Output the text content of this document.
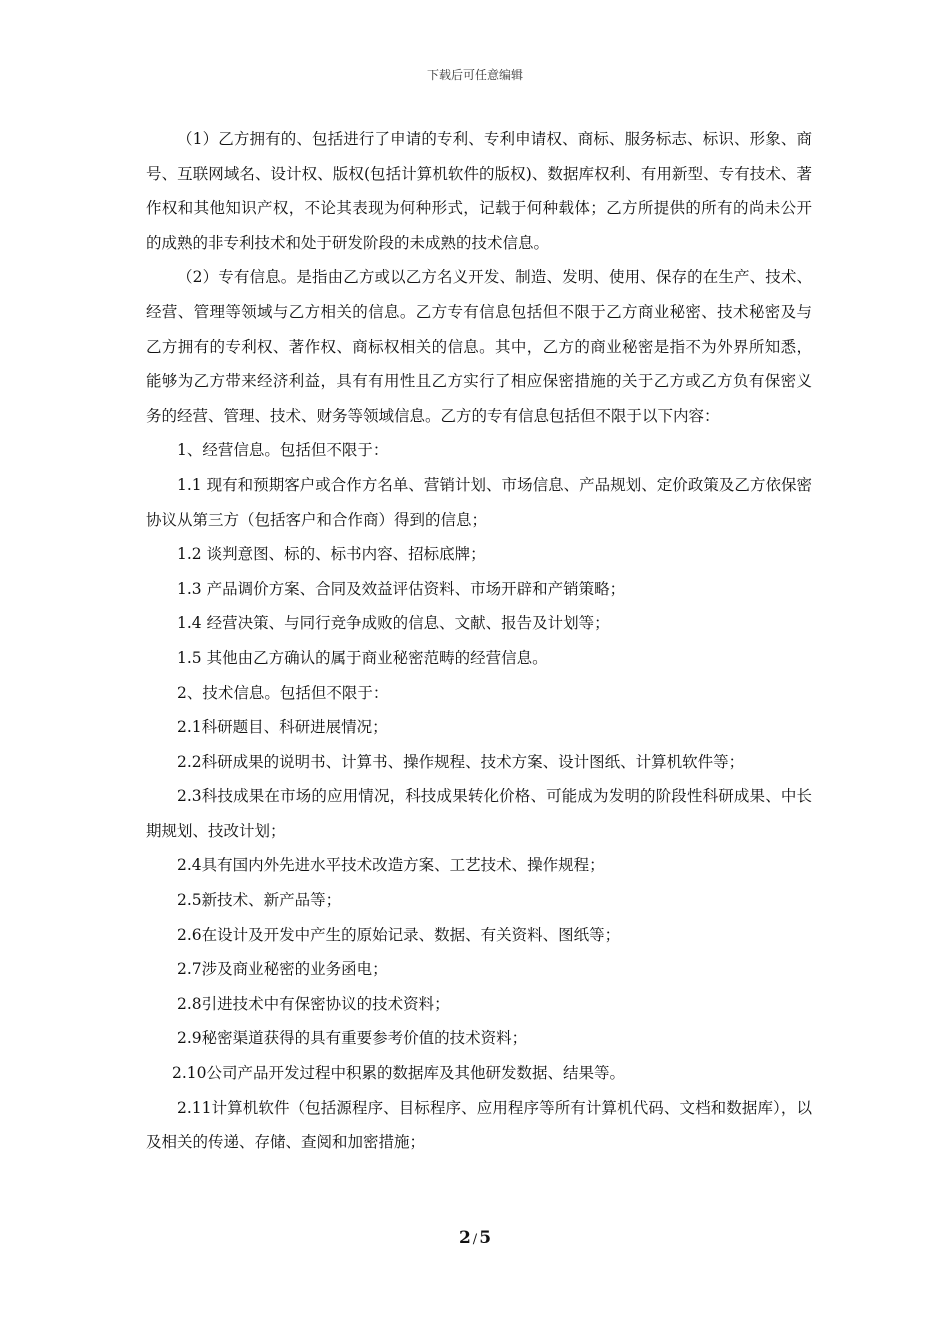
下载后可任意编辑

（1）乙方拥有的、包括进行了申请的专利、专利申请权、商标、服务标志、标识、形象、商号、互联网域名、设计权、版权(包括计算机软件的版权)、数据库权利、有用新型、专有技术、著作权和其他知识产权，不论其表现为何种形式，记载于何种载体；乙方所提供的所有的尚未公开的成熟的非专利技术和处于研发阶段的未成熟的技术信息。

（2）专有信息。是指由乙方或以乙方名义开发、制造、发明、使用、保存的在生产、技术、经营、管理等领域与乙方相关的信息。乙方专有信息包括但不限于乙方商业秘密、技术秘密及与乙方拥有的专利权、著作权、商标权相关的信息。其中，乙方的商业秘密是指不为外界所知悉，能够为乙方带来经济利益，具有有用性且乙方实行了相应保密措施的关于乙方或乙方负有保密义务的经营、管理、技术、财务等领域信息。乙方的专有信息包括但不限于以下内容：

1、经营信息。包括但不限于：

1.1 现有和预期客户或合作方名单、营销计划、市场信息、产品规划、定价政策及乙方依保密协议从第三方（包括客户和合作商）得到的信息；

1.2 谈判意图、标的、标书内容、招标底牌；

1.3 产品调价方案、合同及效益评估资料、市场开辟和产销策略；

1.4 经营决策、与同行竞争成败的信息、文献、报告及计划等；

1.5 其他由乙方确认的属于商业秘密范畴的经营信息。

2、技术信息。包括但不限于：

2.1科研题目、科研进展情况；

2.2科研成果的说明书、计算书、操作规程、技术方案、设计图纸、计算机软件等；

2.3科技成果在市场的应用情况，科技成果转化价格、可能成为发明的阶段性科研成果、中长期规划、技改计划；

2.4具有国内外先进水平技术改造方案、工艺技术、操作规程；

2.5新技术、新产品等；

2.6在设计及开发中产生的原始记录、数据、有关资料、图纸等；

2.7涉及商业秘密的业务函电；

2.8引进技术中有保密协议的技术资料；

2.9秘密渠道获得的具有重要参考价值的技术资料；

2.10公司产品开发过程中积累的数据库及其他研发数据、结果等。

2.11计算机软件（包括源程序、目标程序、应用程序等所有计算机代码、文档和数据库），以及相关的传递、存储、查阅和加密措施；

2 / 5
